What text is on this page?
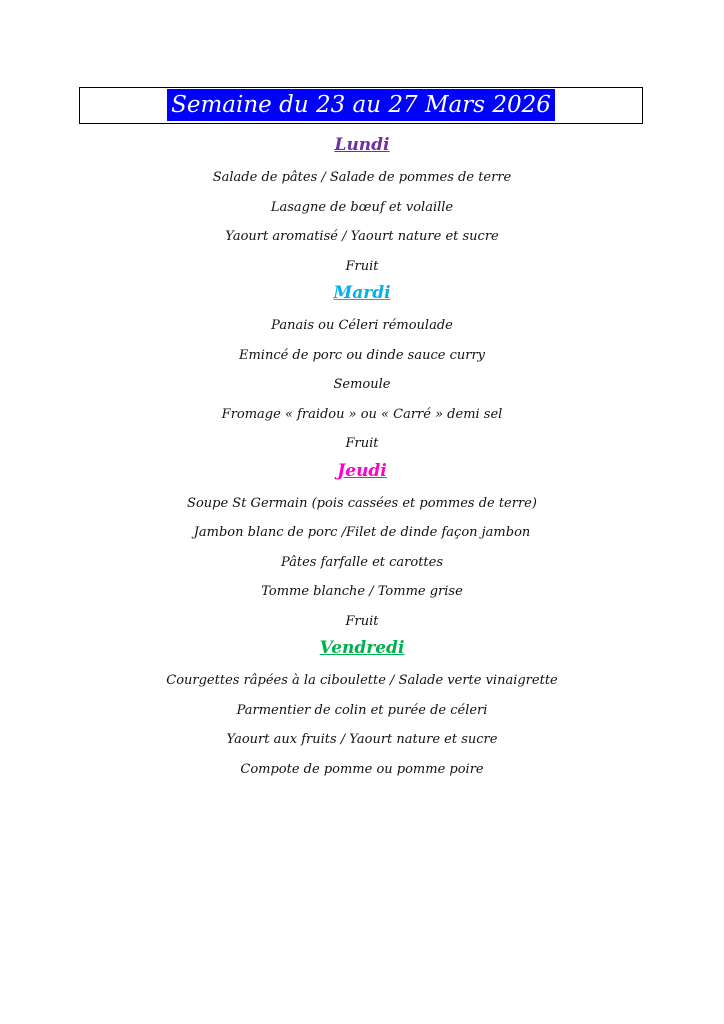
Semaine du 23 au 27 Mars 2026
Lundi
Salade de pâtes / Salade de pommes de terre
Lasagne de bœuf et volaille
Yaourt aromatisé / Yaourt nature et sucre
Fruit
Mardi
Panais ou Céleri rémoulade
Emincé de porc ou dinde sauce curry
Semoule
Fromage « fraidou » ou « Carré » demi sel
Fruit
Jeudi
Soupe St Germain (pois cassées et pommes de terre)
Jambon blanc de porc /Filet de dinde façon jambon
Pâtes farfalle et carottes
Tomme blanche / Tomme grise
Fruit
Vendredi
Courgettes râpées à la ciboulette / Salade verte vinaigrette
Parmentier de colin et purée de céleri
Yaourt aux fruits / Yaourt nature et sucre
Compote de pomme ou pomme poire
